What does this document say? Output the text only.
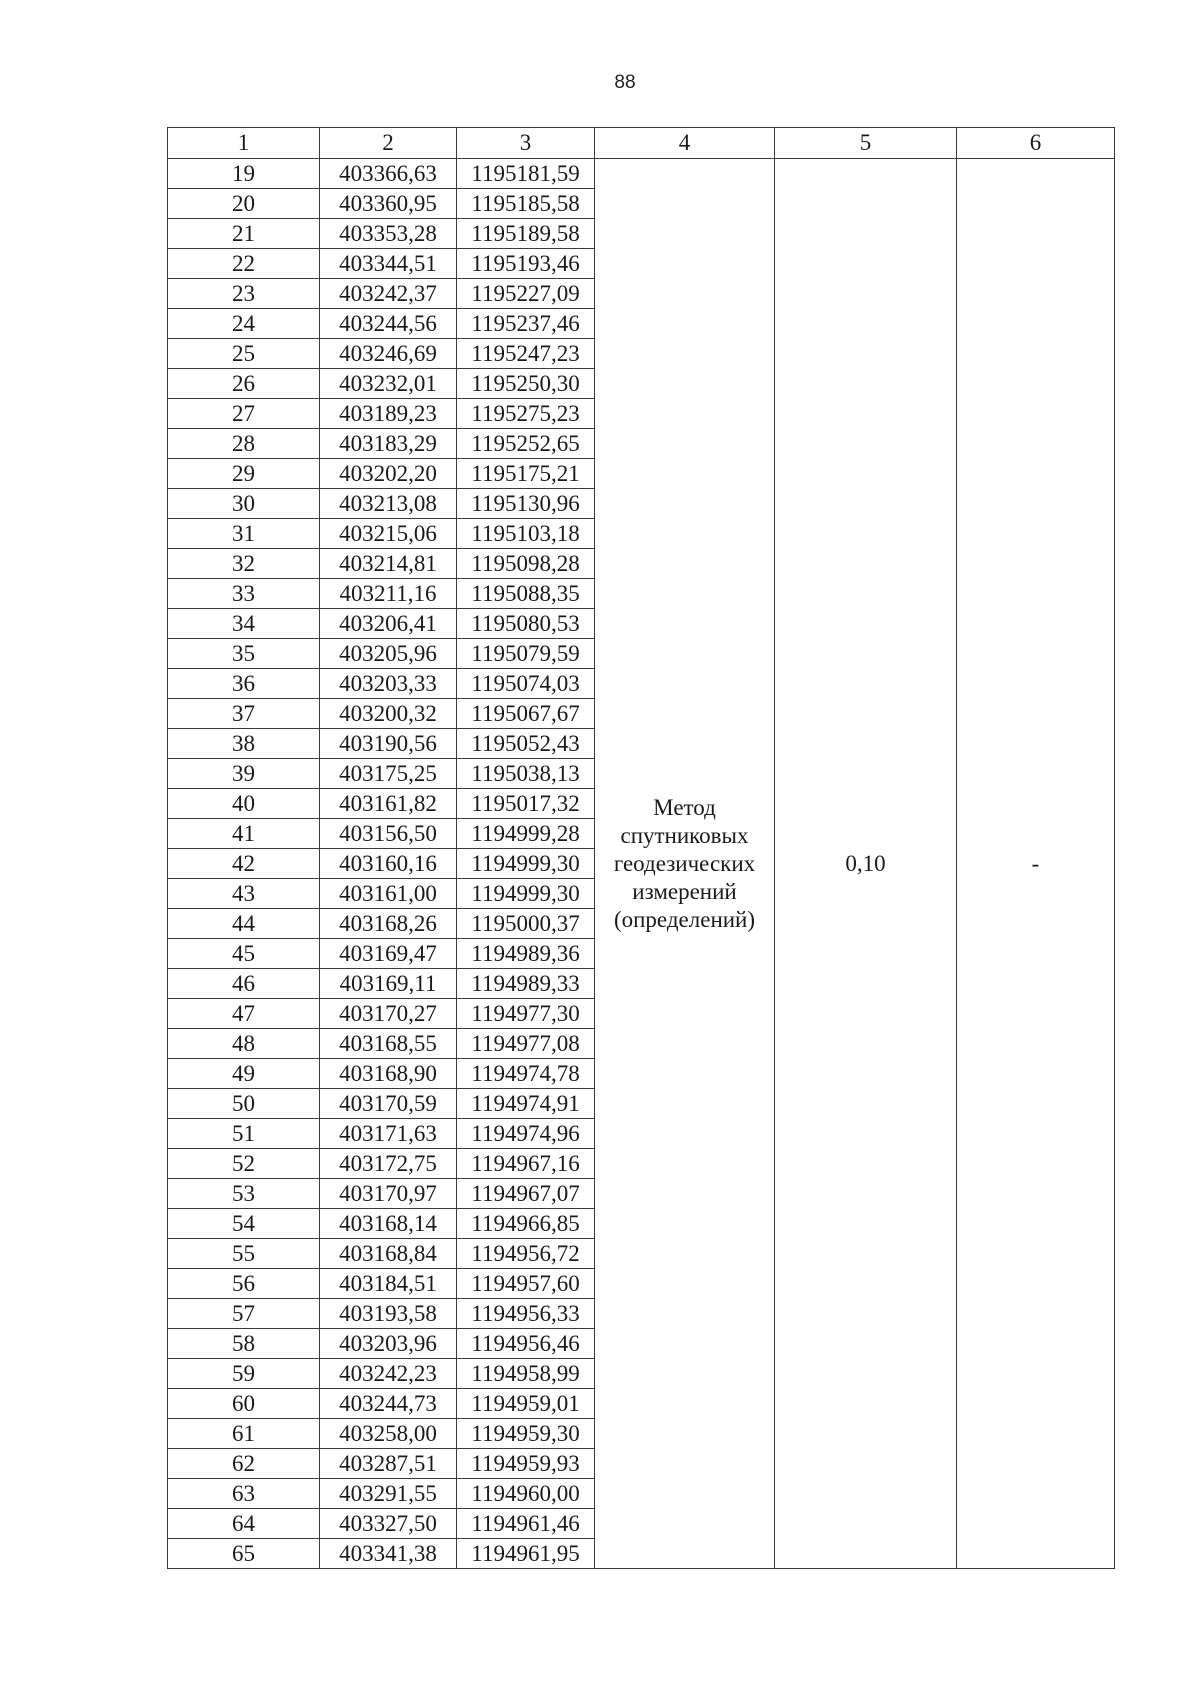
88
1	2	3	4	5	6
19	403366,63	1195181,59	Метод
спутниковых
геодезических
измерений
(определений)	0,10	-
20	403360,95	1195185,58			
21	403353,28	1195189,58			
22	403344,51	1195193,46			
23	403242,37	1195227,09			
24	403244,56	1195237,46			
25	403246,69	1195247,23			
26	403232,01	1195250,30			
27	403189,23	1195275,23			
28	403183,29	1195252,65			
29	403202,20	1195175,21			
30	403213,08	1195130,96			
31	403215,06	1195103,18			
32	403214,81	1195098,28			
33	403211,16	1195088,35			
34	403206,41	1195080,53			
35	403205,96	1195079,59			
36	403203,33	1195074,03			
37	403200,32	1195067,67			
38	403190,56	1195052,43			
39	403175,25	1195038,13			
40	403161,82	1195017,32			
41	403156,50	1194999,28			
42	403160,16	1194999,30			
43	403161,00	1194999,30			
44	403168,26	1195000,37			
45	403169,47	1194989,36			
46	403169,11	1194989,33			
47	403170,27	1194977,30			
48	403168,55	1194977,08			
49	403168,90	1194974,78			
50	403170,59	1194974,91			
51	403171,63	1194974,96			
52	403172,75	1194967,16			
53	403170,97	1194967,07			
54	403168,14	1194966,85			
55	403168,84	1194956,72			
56	403184,51	1194957,60			
57	403193,58	1194956,33			
58	403203,96	1194956,46			
59	403242,23	1194958,99			
60	403244,73	1194959,01			
61	403258,00	1194959,30			
62	403287,51	1194959,93			
63	403291,55	1194960,00			
64	403327,50	1194961,46			
65	403341,38	1194961,95			
